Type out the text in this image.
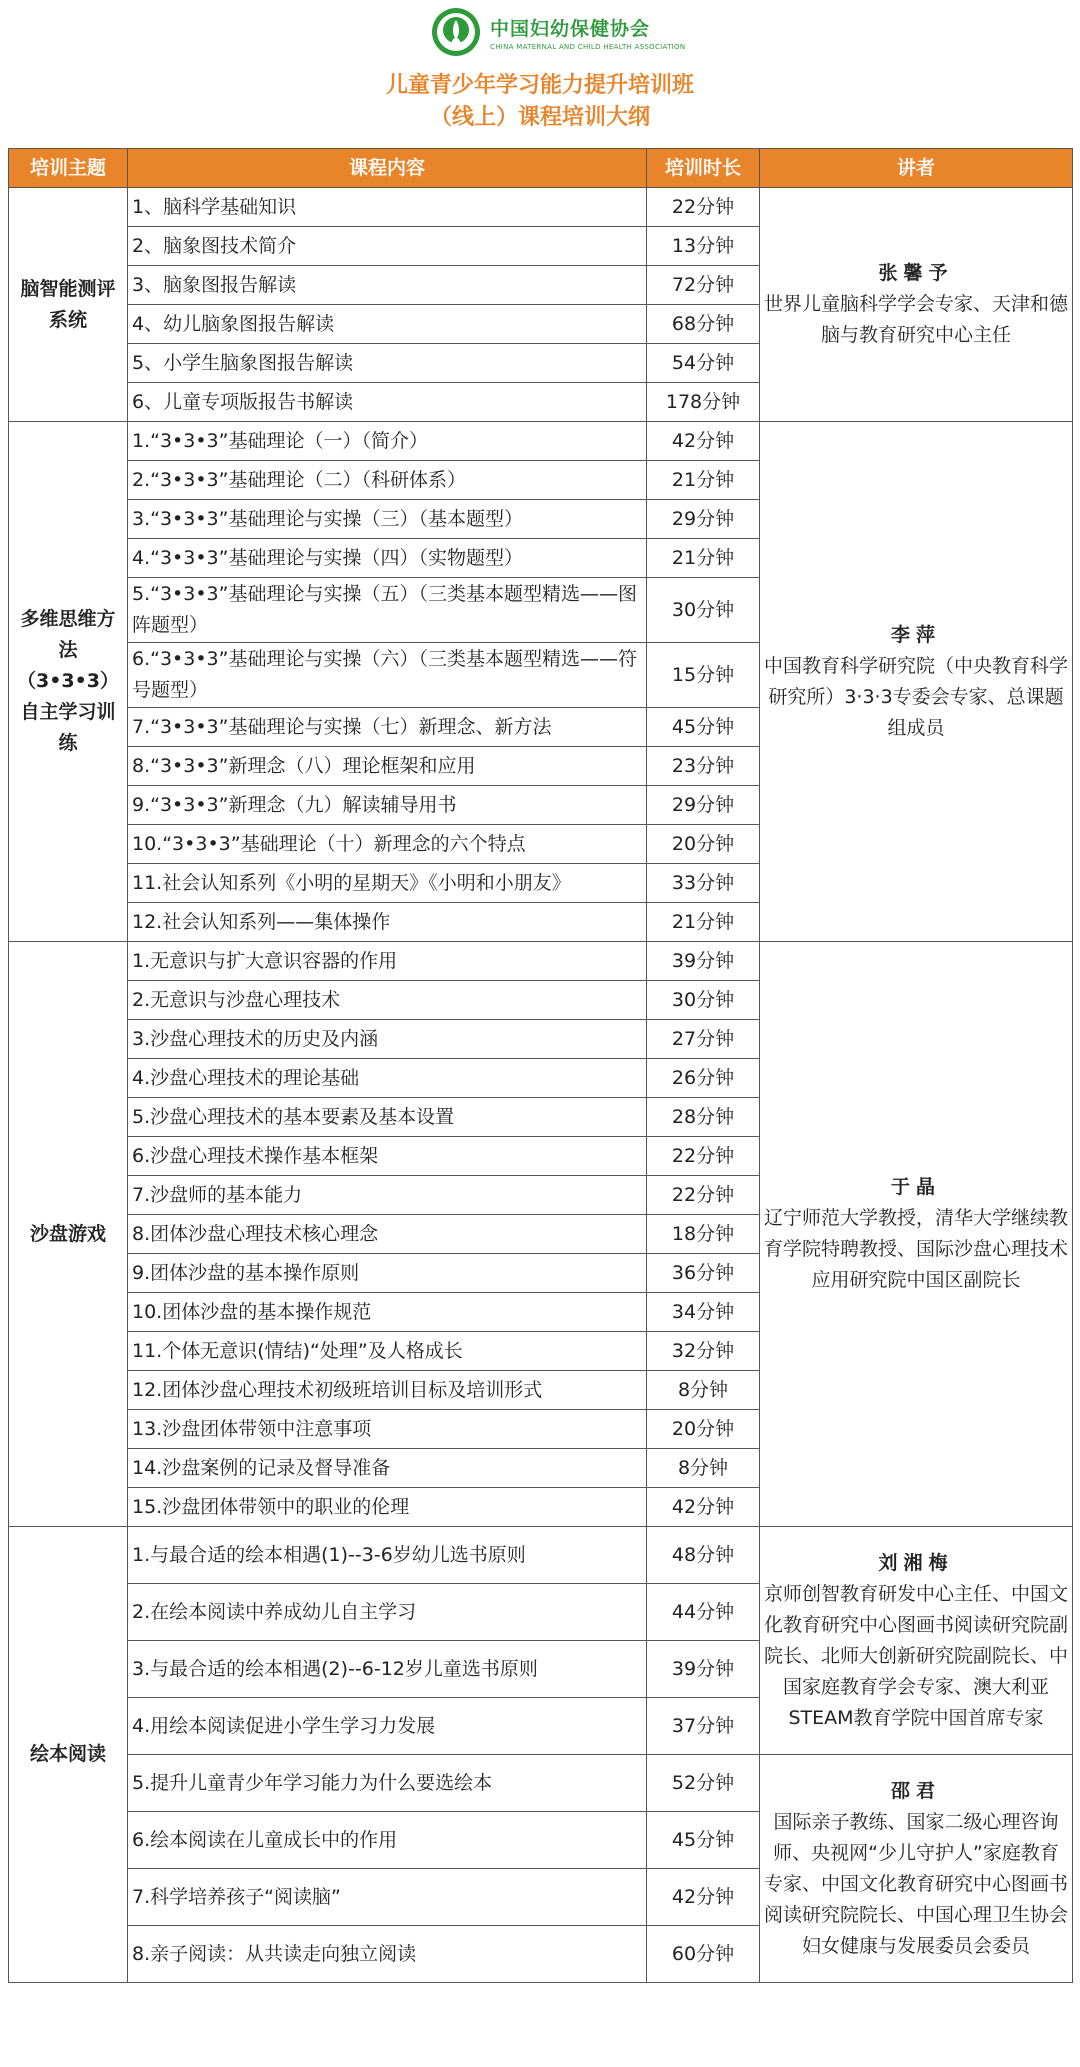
中国妇幼保健协会
CHINA MATERNAL AND CHILD HEALTH ASSOCIATION
儿童青少年学习能力提升培训班
（线上）课程培训大纲
培训主题	课程内容	培训时长	讲者
脑智能测评系统	1、脑科学基础知识	22分钟	张馨予
世界儿童脑科学学会专家、天津和德脑与教育研究中心主任

	2、脑象图技术简介	13分钟	
	3、脑象图报告解读	72分钟	
	4、幼儿脑象图报告解读	68分钟	
	5、小学生脑象图报告解读	54分钟	
	6、儿童专项版报告书解读	178分钟	
多维思维方法（3•3•3）自主学习训练	1.“3•3•3”基础理论（一）（简介）	42分钟	李萍
中国教育科学研究院（中央教育科学研究所）3·3·3专委会专家、总课题组成员

	2.“3•3•3”基础理论（二）（科研体系）	21分钟	
	3.“3•3•3”基础理论与实操（三）（基本题型）	29分钟	
	4.“3•3•3”基础理论与实操（四）（实物题型）	21分钟	
	5.“3•3•3”基础理论与实操（五）（三类基本题型精选——图阵题型）	30分钟	
	6.“3•3•3”基础理论与实操（六）（三类基本题型精选——符号题型）	15分钟	
	7.“3•3•3”基础理论与实操（七）新理念、新方法	45分钟	
	8.“3•3•3”新理念（八）理论框架和应用	23分钟	
	9.“3•3•3”新理念（九）解读辅导用书	29分钟	
	10.“3•3•3”基础理论（十）新理念的六个特点	20分钟	
	11.社会认知系列《小明的星期天》《小明和小朋友》	33分钟	
	12.社会认知系列——集体操作	21分钟	
沙盘游戏	1.无意识与扩大意识容器的作用	39分钟	于晶
辽宁师范大学教授，清华大学继续教育学院特聘教授、国际沙盘心理技术应用研究院中国区副院长

	2.无意识与沙盘心理技术	30分钟	
	3.沙盘心理技术的历史及内涵	27分钟	
	4.沙盘心理技术的理论基础	26分钟	
	5.沙盘心理技术的基本要素及基本设置	28分钟	
	6.沙盘心理技术操作基本框架	22分钟	
	7.沙盘师的基本能力	22分钟	
	8.团体沙盘心理技术核心理念	18分钟	
	9.团体沙盘的基本操作原则	36分钟	
	10.团体沙盘的基本操作规范	34分钟	
	11.个体无意识(情结)“处理”及人格成长	32分钟	
	12.团体沙盘心理技术初级班培训目标及培训形式	8分钟	
	13.沙盘团体带领中注意事项	20分钟	
	14.沙盘案例的记录及督导准备	8分钟	
	15.沙盘团体带领中的职业的伦理	42分钟	
绘本阅读	1.与最合适的绘本相遇(1)--3-6岁幼儿选书原则	48分钟	刘湘梅
京师创智教育研发中心主任、中国文化教育研究中心图画书阅读研究院副院长、北师大创新研究院副院长、中国家庭教育学会专家、澳大利亚STEAM教育学院中国首席专家

	2.在绘本阅读中养成幼儿自主学习	44分钟	
	3.与最合适的绘本相遇(2)--6-12岁儿童选书原则	39分钟	
	4.用绘本阅读促进小学生学习力发展	37分钟	
	5.提升儿童青少年学习能力为什么要选绘本	52分钟	邵君
国际亲子教练、国家二级心理咨询师、央视网“少儿守护人”家庭教育专家、中国文化教育研究中心图画书阅读研究院院长、中国心理卫生协会妇女健康与发展委员会委员

	6.绘本阅读在儿童成长中的作用	45分钟	
	7.科学培养孩子“阅读脑”	42分钟	
	8.亲子阅读：从共读走向独立阅读	60分钟	
